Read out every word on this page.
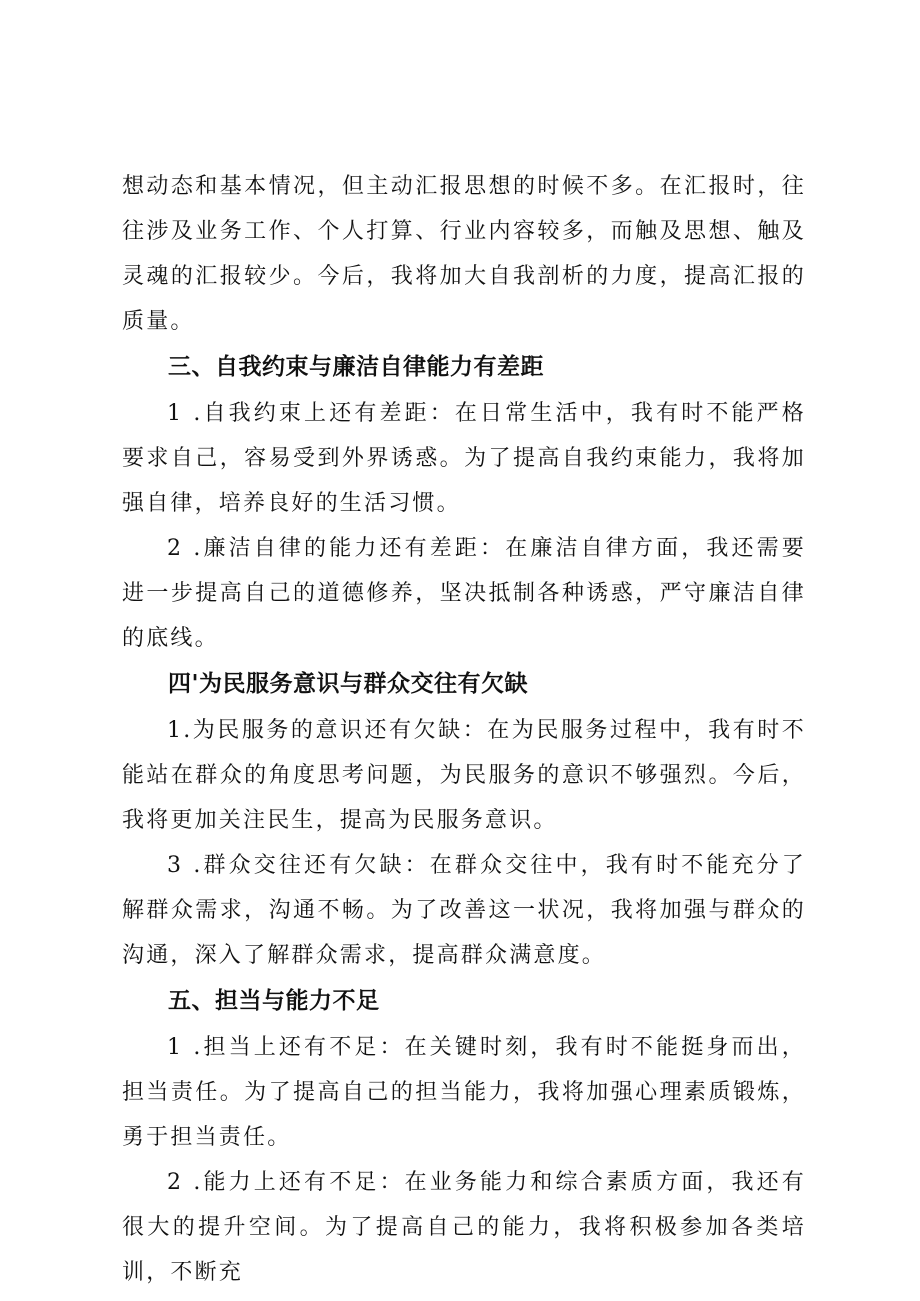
想动态和基本情况，但主动汇报思想的时候不多。在汇报时，往往涉及业务工作、个人打算、行业内容较多，而触及思想、触及灵魂的汇报较少。今后，我将加大自我剖析的力度，提高汇报的质量。

三、自我约束与廉洁自律能力有差距

1 .自我约束上还有差距：在日常生活中，我有时不能严格要求自己，容易受到外界诱惑。为了提高自我约束能力，我将加强自律，培养良好的生活习惯。

2 .廉洁自律的能力还有差距：在廉洁自律方面，我还需要进一步提高自己的道德修养，坚决抵制各种诱惑，严守廉洁自律的底线。

四'为民服务意识与群众交往有欠缺

1.为民服务的意识还有欠缺：在为民服务过程中，我有时不能站在群众的角度思考问题，为民服务的意识不够强烈。今后，我将更加关注民生，提高为民服务意识。

3 .群众交往还有欠缺：在群众交往中，我有时不能充分了解群众需求，沟通不畅。为了改善这一状况，我将加强与群众的沟通，深入了解群众需求，提高群众满意度。

五、担当与能力不足

1 .担当上还有不足：在关键时刻，我有时不能挺身而出，担当责任。为了提高自己的担当能力，我将加强心理素质锻炼，勇于担当责任。

2 .能力上还有不足：在业务能力和综合素质方面，我还有很大的提升空间。为了提高自己的能力，我将积极参加各类培训，不断充
